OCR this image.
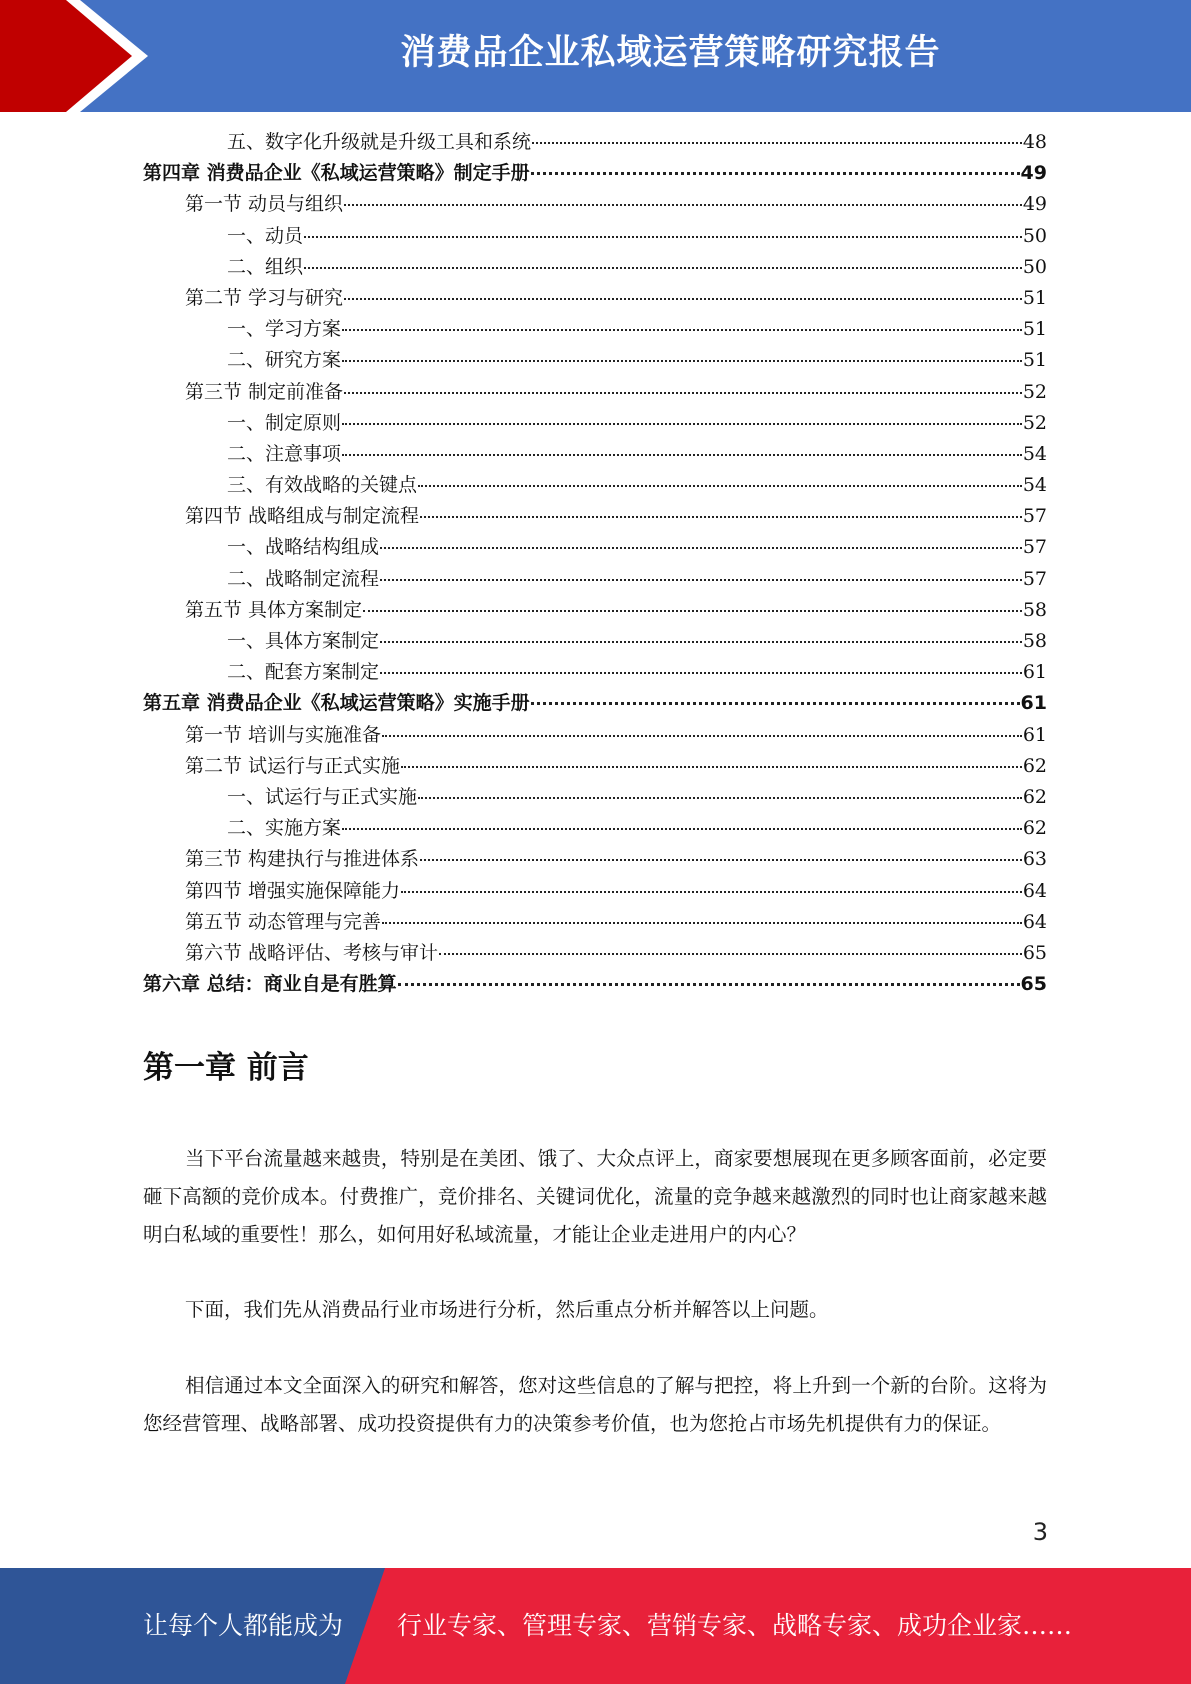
消费品企业私域运营策略研究报告
五、数字化升级就是升级工具和系统	48
第四章 消费品企业《私域运营策略》制定手册	49
第一节 动员与组织	49
一、动员	50
二、组织	50
第二节 学习与研究	51
一、学习方案	51
二、研究方案	51
第三节 制定前准备	52
一、制定原则	52
二、注意事项	54
三、有效战略的关键点	54
第四节 战略组成与制定流程	57
一、战略结构组成	57
二、战略制定流程	57
第五节 具体方案制定	58
一、具体方案制定	58
二、配套方案制定	61
第五章 消费品企业《私域运营策略》实施手册	61
第一节 培训与实施准备	61
第二节 试运行与正式实施	62
一、试运行与正式实施	62
二、实施方案	62
第三节 构建执行与推进体系	63
第四节 增强实施保障能力	64
第五节 动态管理与完善	64
第六节 战略评估、考核与审计	65
第六章 总结：商业自是有胜算	65
第一章 前言

当下平台流量越来越贵，特别是在美团、饿了、大众点评上，商家要想展现在更多顾客面前，必定要砸下高额的竞价成本。付费推广，竞价排名、关键词优化，流量的竞争越来越激烈的同时也让商家越来越明白私域的重要性！那么，如何用好私域流量，才能让企业走进用户的内心？

下面，我们先从消费品行业市场进行分析，然后重点分析并解答以上问题。

相信通过本文全面深入的研究和解答，您对这些信息的了解与把控，将上升到一个新的台阶。这将为您经营管理、战略部署、成功投资提供有力的决策参考价值，也为您抢占市场先机提供有力的保证。

3
让每个人都能成为 行业专家、管理专家、营销专家、战略专家、成功企业家……
